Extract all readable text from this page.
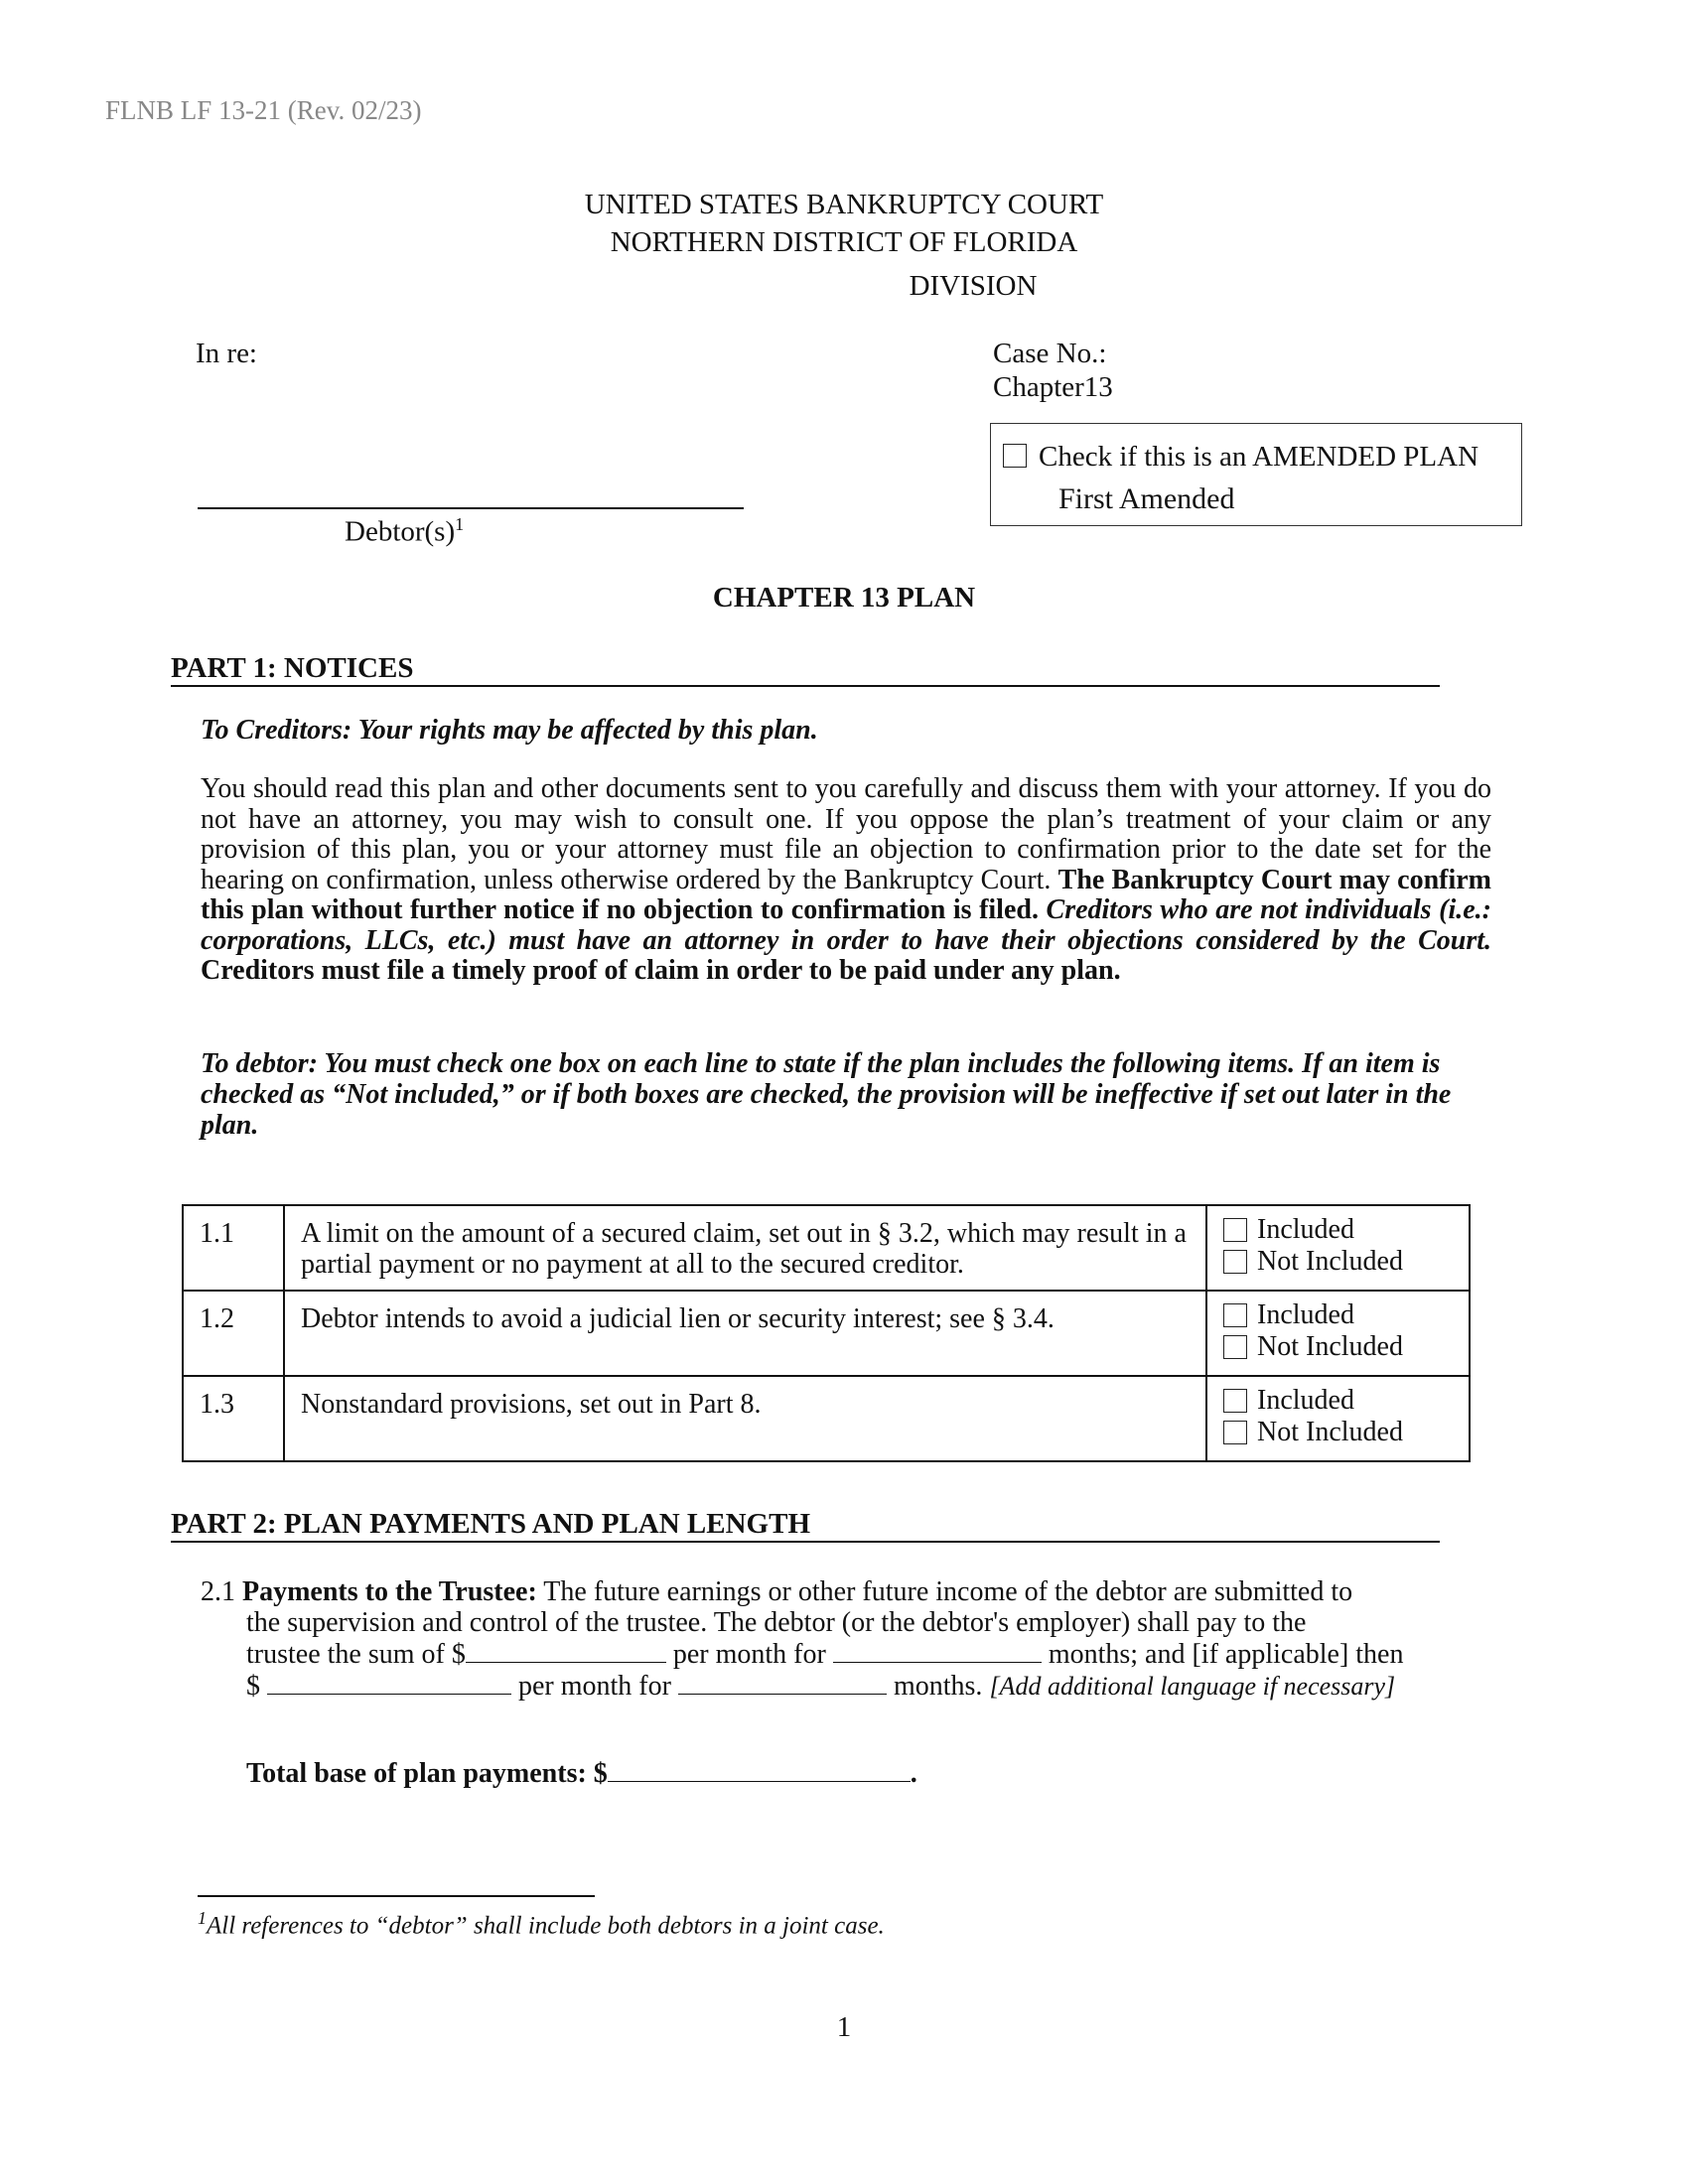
FLNB LF 13-21 (Rev. 02/23)
UNITED STATES BANKRUPTCY COURT
NORTHERN DISTRICT OF FLORIDA
DIVISION
In re:	Case No.:
Chapter13
Check if this is an AMENDED PLAN
First Amended
$Debtor(s)^1$
CHAPTER 13 PLAN
PART 1: NOTICES
To Creditors: Your rights may be affected by this plan.
You should read this plan and other documents sent to you carefully and discuss them with your attorney. If you do not have an attorney, you may wish to consult one. If you oppose the plan’s treatment of your claim or any provision of this plan, you or your attorney must file an objection to confirmation prior to the date set for the hearing on confirmation, unless otherwise ordered by the Bankruptcy Court. The Bankruptcy Court may confirm this plan without further notice if no objection to confirmation is filed. Creditors who are not individuals (i.e.: corporations, LLCs, etc.) must have an attorney in order to have their objections considered by the Court. Creditors must file a timely proof of claim in order to be paid under any plan.
To debtor: You must check one box on each line to state if the plan includes the following items. If an item is checked as “Not included,” or if both boxes are checked, the provision will be ineffective if set out later in the plan.
1.1	A limit on the amount of a secured claim, set out in § 3.2, which may result in a partial payment or no payment at all to the secured creditor.	Included
Not Included

1.2	Debtor intends to avoid a judicial lien or security interest; see § 3.4.	Included
Not Included

1.3	Nonstandard provisions, set out in Part 8.	Included
Not Included
PART 2: PLAN PAYMENTS AND PLAN LENGTH
2.1 Payments to the Trustee: The future earnings or other future income of the debtor are submitted to
the supervision and control of the trustee. The debtor (or the debtor's employer) shall pay to the
trustee the sum of $	per month for	months; and [if applicable] then
$	per month for	months. [Add additional language if necessary]
Total base of plan payments: $	.
$^1$All references to “debtor” shall include both debtors in a joint case.
1
